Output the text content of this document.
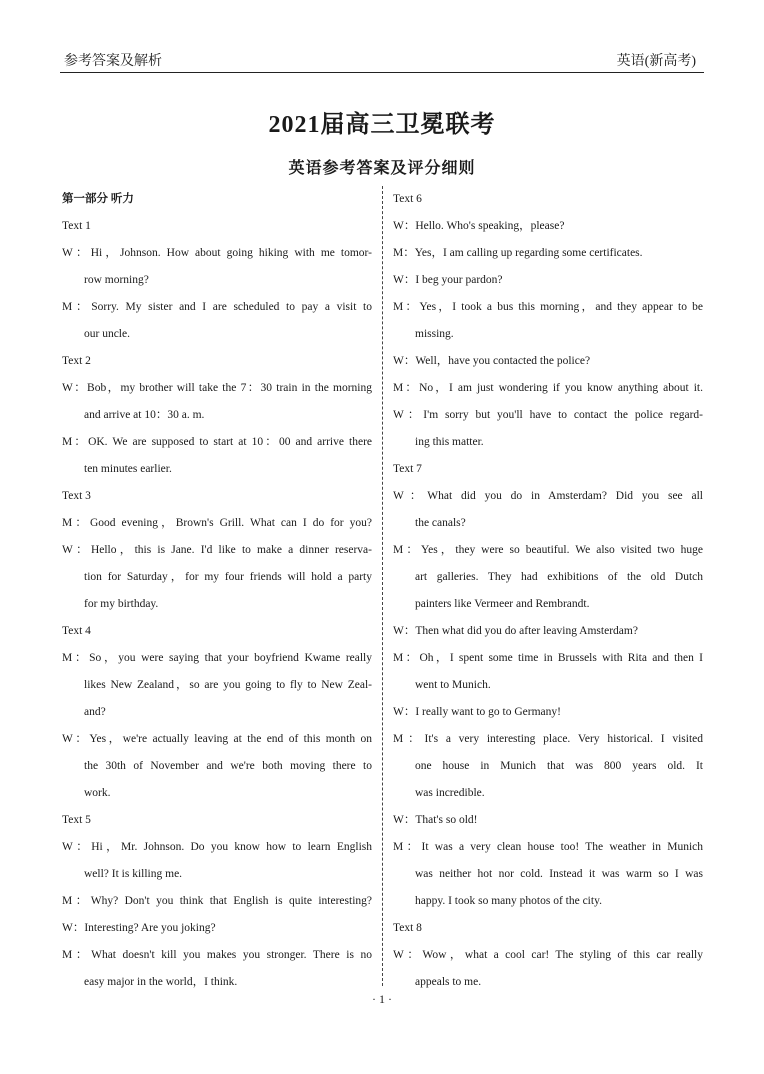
参考答案及解析	英语(新高考)
2021届高三卫冕联考
英语参考答案及评分细则
第一部分 听力
Text 1
W：Hi，Johnson. How about going hiking with me tomor-
row morning?
M：Sorry. My sister and I are scheduled to pay a visit to
our uncle.
Text 2
W：Bob，my brother will take the 7：30 train in the morning
and arrive at 10：30 a. m.
M：OK. We are supposed to start at 10：00 and arrive there
ten minutes earlier.
Text 3
M：Good evening，Brown's Grill. What can I do for you?
W：Hello，this is Jane. I'd like to make a dinner reserva-
tion for Saturday，for my four friends will hold a party
for my birthday.
Text 4
M：So，you were saying that your boyfriend Kwame really
likes New Zealand，so are you going to fly to New Zeal-
and?
W：Yes，we're actually leaving at the end of this month on
the 30th of November and we're both moving there to
work.
Text 5
W：Hi，Mr. Johnson. Do you know how to learn English
well? It is killing me.
M：Why? Don't you think that English is quite interesting?
W：Interesting? Are you joking?
M：What doesn't kill you makes you stronger. There is no
easy major in the world，I think.
Text 6
W：Hello. Who's speaking，please?
M：Yes，I am calling up regarding some certificates.
W：I beg your pardon?
M：Yes，I took a bus this morning，and they appear to be
missing.
W：Well，have you contacted the police?
M：No，I am just wondering if you know anything about it.
W：I'm sorry but you'll have to contact the police regard-
ing this matter.
Text 7
W：What did you do in Amsterdam? Did you see all
the canals?
M：Yes，they were so beautiful. We also visited two huge
art galleries. They had exhibitions of the old Dutch
painters like Vermeer and Rembrandt.
W：Then what did you do after leaving Amsterdam?
M：Oh，I spent some time in Brussels with Rita and then I
went to Munich.
W：I really want to go to Germany!
M：It's a very interesting place. Very historical. I visited
one house in Munich that was 800 years old. It
was incredible.
W：That's so old!
M：It was a very clean house too! The weather in Munich
was neither hot nor cold. Instead it was warm so I was
happy. I took so many photos of the city.
Text 8
W：Wow，what a cool car! The styling of this car really
appeals to me.
· 1 ·
